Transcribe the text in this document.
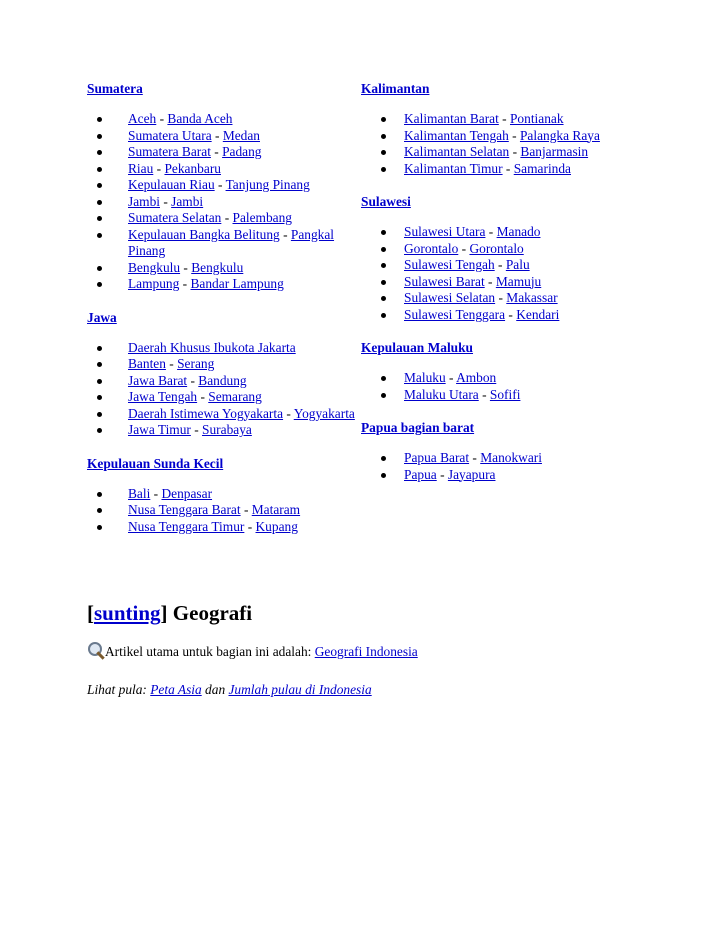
Sumatera
Aceh - Banda Aceh
Sumatera Utara - Medan
Sumatera Barat - Padang
Riau - Pekanbaru
Kepulauan Riau - Tanjung Pinang
Jambi - Jambi
Sumatera Selatan - Palembang
Kepulauan Bangka Belitung - Pangkal Pinang
Bengkulu - Bengkulu
Lampung - Bandar Lampung
Jawa
Daerah Khusus Ibukota Jakarta
Banten - Serang
Jawa Barat - Bandung
Jawa Tengah - Semarang
Daerah Istimewa Yogyakarta - Yogyakarta
Jawa Timur - Surabaya
Kepulauan Sunda Kecil
Bali - Denpasar
Nusa Tenggara Barat - Mataram
Nusa Tenggara Timur - Kupang
Kalimantan
Kalimantan Barat - Pontianak
Kalimantan Tengah - Palangka Raya
Kalimantan Selatan - Banjarmasin
Kalimantan Timur - Samarinda
Sulawesi
Sulawesi Utara - Manado
Gorontalo - Gorontalo
Sulawesi Tengah - Palu
Sulawesi Barat - Mamuju
Sulawesi Selatan - Makassar
Sulawesi Tenggara - Kendari
Kepulauan Maluku
Maluku - Ambon
Maluku Utara - Sofifi
Papua bagian barat
Papua Barat - Manokwari
Papua - Jayapura
[sunting] Geografi
Artikel utama untuk bagian ini adalah: Geografi Indonesia
Lihat pula: Peta Asia dan Jumlah pulau di Indonesia
